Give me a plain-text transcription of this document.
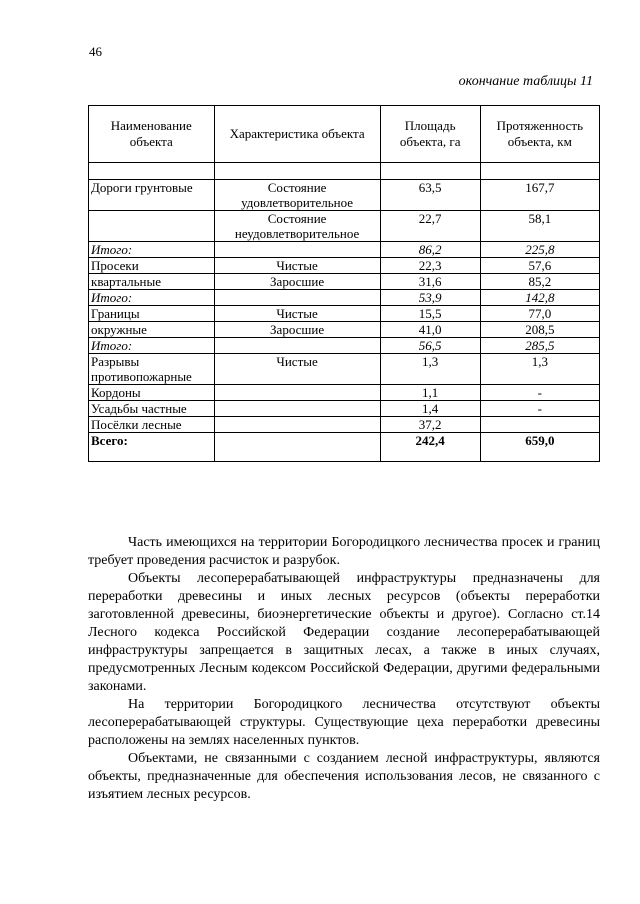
46
окончание таблицы 11
Наименование объекта	Характеристика объекта	Площадь объекта, га	Протяженность объекта, км

Дороги грунтовые	Состояние удовлетворительное	63,5	167,7
	Состояние неудовлетворительное	22,7	58,1
Итого:		86,2	225,8
Просеки	Чистые	22,3	57,6
квартальные	Заросшие	31,6	85,2
Итого:		53,9	142,8
Границы	Чистые	15,5	77,0
окружные	Заросшие	41,0	208,5
Итого:		56,5	285,5
Разрывы противопожарные	Чистые	1,3	1,3
Кордоны		1,1	-
Усадьбы частные		1,4	-
Посёлки лесные		37,2	
Всего:		242,4	659,0

Часть имеющихся на территории Богородицкого лесничества просек и границ требует проведения расчисток и разрубок.

Объекты лесоперерабатывающей инфраструктуры предназначены для переработки древесины и иных лесных ресурсов (объекты переработки заготовленной древесины, биоэнергетические объекты и другое). Согласно ст.14 Лесного кодекса Российской Федерации создание лесоперерабатывающей инфраструктуры запрещается в защитных лесах, а также в иных случаях, предусмотренных Лесным кодексом Российской Федерации, другими федеральными законами.

На территории Богородицкого лесничества отсутствуют объекты лесоперерабатывающей структуры. Существующие цеха переработки древесины расположены на землях населенных пунктов.

Объектами, не связанными с созданием лесной инфраструктуры, являются объекты, предназначенные для обеспечения использования лесов, не связанного с изъятием лесных ресурсов.
